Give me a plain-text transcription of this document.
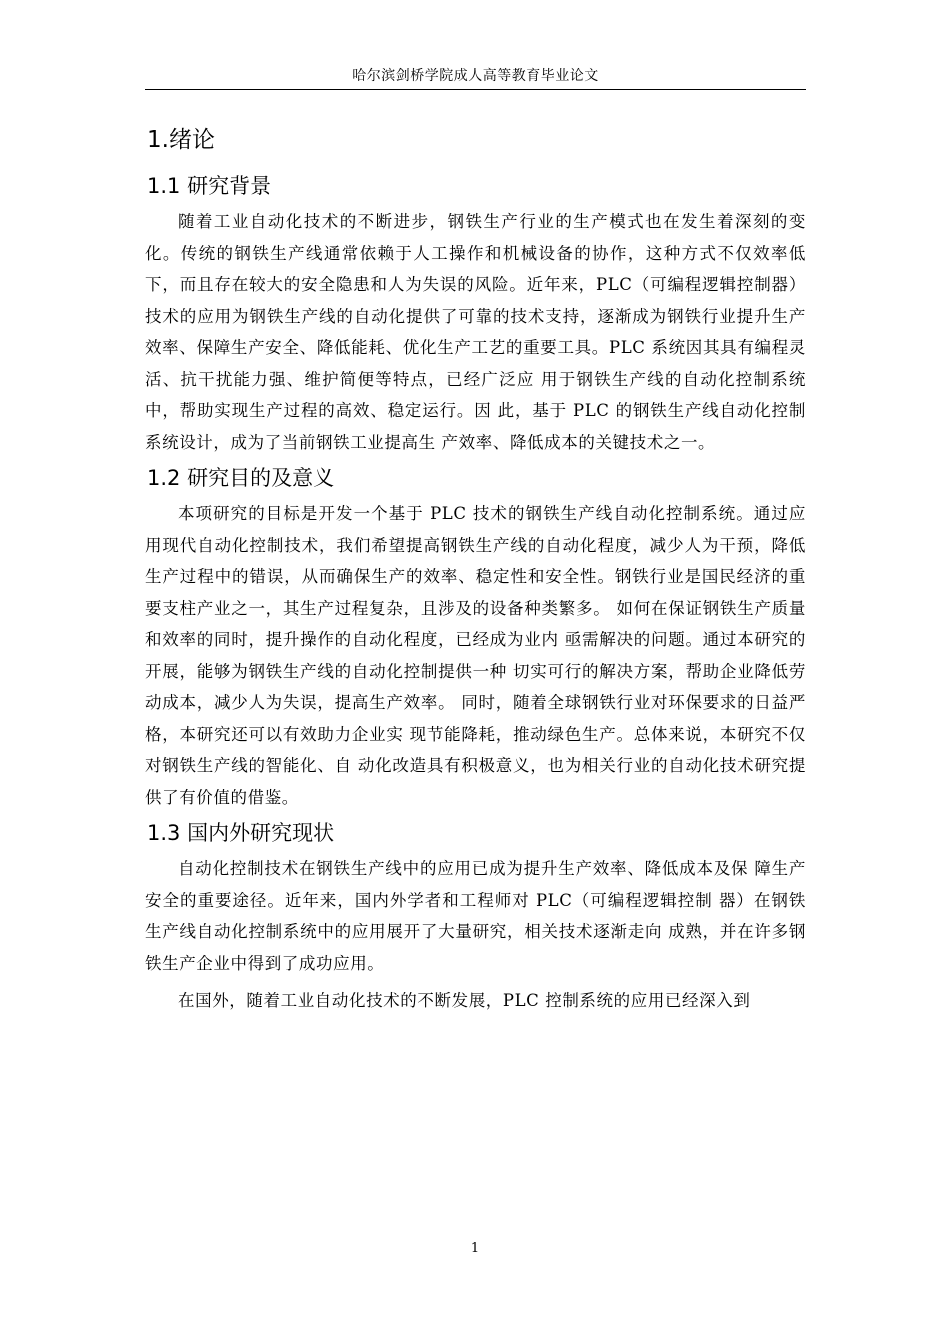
哈尔滨剑桥学院成人高等教育毕业论文
1.绪论
1.1 研究背景

随着工业自动化技术的不断进步，钢铁生产行业的生产模式也在发生着深刻的变化。传统的钢铁生产线通常依赖于人工操作和机械设备的协作，这种方式不仅效率低下，而且存在较大的安全隐患和人为失误的风险。近年来，PLC（可编程逻辑控制器）技术的应用为钢铁生产线的自动化提供了可靠的技术支持，逐渐成为钢铁行业提升生产效率、保障生产安全、降低能耗、优化生产工艺的重要工具。PLC 系统因其具有编程灵活、抗干扰能力强、维护简便等特点，已经广泛应 用于钢铁生产线的自动化控制系统中，帮助实现生产过程的高效、稳定运行。因 此，基于 PLC 的钢铁生产线自动化控制系统设计，成为了当前钢铁工业提高生 产效率、降低成本的关键技术之一。

1.2 研究目的及意义

本项研究的目标是开发一个基于 PLC 技术的钢铁生产线自动化控制系统。通过应用现代自动化控制技术，我们希望提高钢铁生产线的自动化程度，减少人为干预，降低生产过程中的错误，从而确保生产的效率、稳定性和安全性。钢铁行业是国民经济的重要支柱产业之一，其生产过程复杂，且涉及的设备种类繁多。 如何在保证钢铁生产质量和效率的同时，提升操作的自动化程度，已经成为业内 亟需解决的问题。通过本研究的开展，能够为钢铁生产线的自动化控制提供一种 切实可行的解决方案，帮助企业降低劳动成本，减少人为失误，提高生产效率。 同时，随着全球钢铁行业对环保要求的日益严格，本研究还可以有效助力企业实 现节能降耗，推动绿色生产。总体来说，本研究不仅对钢铁生产线的智能化、自 动化改造具有积极意义，也为相关行业的自动化技术研究提供了有价值的借鉴。

1.3 国内外研究现状

自动化控制技术在钢铁生产线中的应用已成为提升生产效率、降低成本及保 障生产安全的重要途径。近年来，国内外学者和工程师对 PLC（可编程逻辑控制 器）在钢铁生产线自动化控制系统中的应用展开了大量研究，相关技术逐渐走向 成熟，并在许多钢铁生产企业中得到了成功应用。

在国外，随着工业自动化技术的不断发展，PLC 控制系统的应用已经深入到

1
